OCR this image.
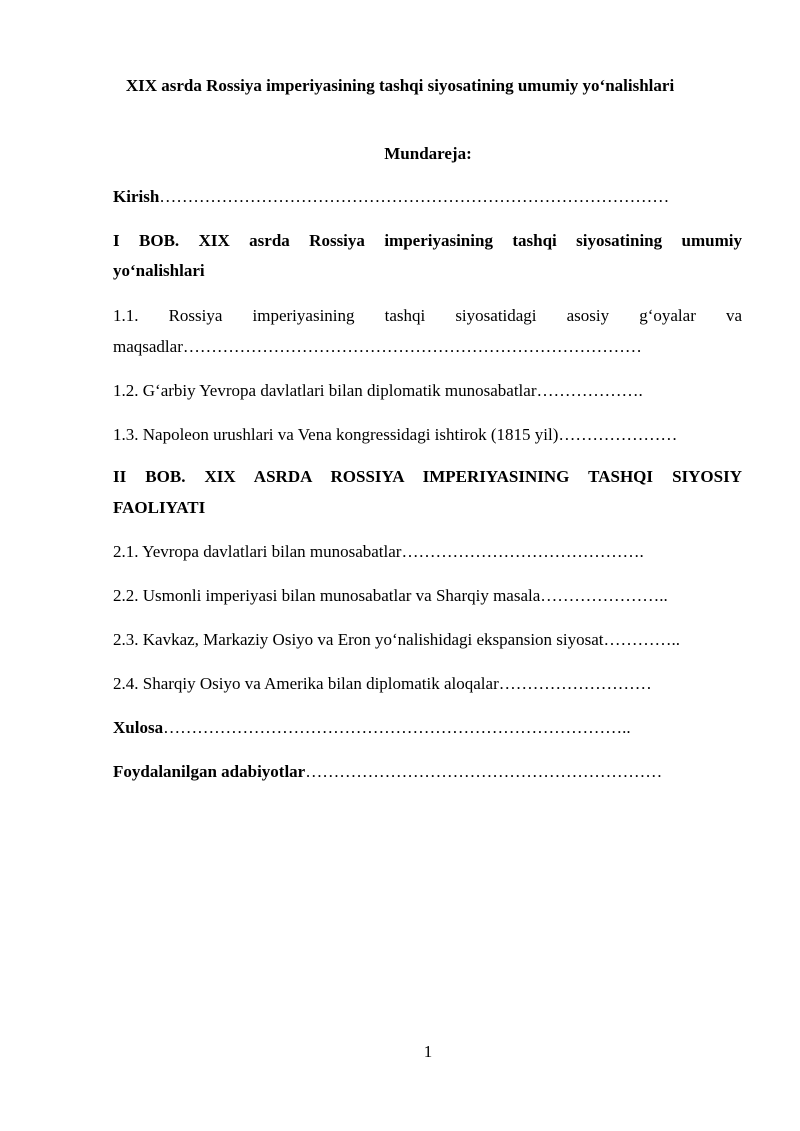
XIX asrda Rossiya imperiyasining tashqi siyosatining umumiy yo‘nalishlari

Mundareja:

Kirish………………………………………………………………………………

I BOB. XIX asrda Rossiya imperiyasining tashqi siyosatining umumiy

yo‘nalishlari

1.1. Rossiya imperiyasining tashqi siyosatidagi asosiy g‘oyalar va

maqsadlar………………………………………………………………………

1.2. G‘arbiy Yevropa davlatlari bilan diplomatik munosabatlar……………….

1.3. Napoleon urushlari va Vena kongressidagi ishtirok (1815 yil)…………………

II BOB. XIX ASRDA ROSSIYA IMPERIYASINING TASHQI SIYOSIY

FAOLIYATI

2.1. Yevropa davlatlari bilan munosabatlar…………………………………….

2.2. Usmonli imperiyasi bilan munosabatlar va Sharqiy masala…………………..

2.3. Kavkaz, Markaziy Osiyo va Eron yo‘nalishidagi ekspansion siyosat…………..

2.4. Sharqiy Osiyo va Amerika bilan diplomatik aloqalar………………………

Xulosa………………………………………………………………………..

Foydalanilgan adabiyotlar………………………………………………………

1
